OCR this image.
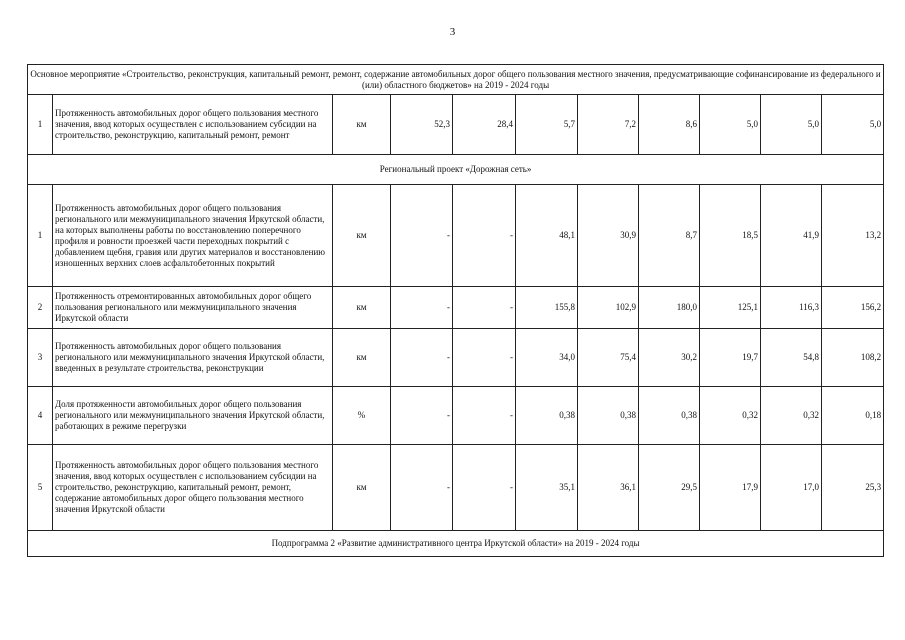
3
Основное мероприятие «Строительство, реконструкция, капитальный ремонт, ремонт, содержание автомобильных дорог общего пользования местного значения, предусматривающие софинансирование из федерального и (или) областного бюджетов» на 2019 - 2024 годы										
1	Протяженность автомобильных дорог общего пользования местного значения, ввод которых осуществлен с использованием субсидии на строительство, реконструкцию, капитальный ремонт, ремонт	км	52,3	28,4	5,7	7,2	8,6	5,0	5,0	5,0
Региональный проект «Дорожная сеть»										
1	Протяженность автомобильных дорог общего пользования регионального или межмуниципального значения Иркутской области, на которых выполнены работы по восстановлению поперечного профиля и ровности проезжей части переходных покрытий с добавлением щебня, гравия или других материалов и восстановлению изношенных верхних слоев асфальтобетонных покрытий	км	-	-	48,1	30,9	8,7	18,5	41,9	13,2
2	Протяженность отремонтированных автомобильных дорог общего пользования регионального или межмуниципального значения Иркутской области	км	-	-	155,8	102,9	180,0	125,1	116,3	156,2
3	Протяженность автомобильных дорог общего пользования регионального или межмуниципального значения Иркутской области, введенных в результате строительства, реконструкции	км	-	-	34,0	75,4	30,2	19,7	54,8	108,2
4	Доля протяженности автомобильных дорог общего пользования регионального или межмуниципального значения Иркутской области, работающих в режиме перегрузки	%	-	-	0,38	0,38	0,38	0,32	0,32	0,18
5	Протяженность автомобильных дорог общего пользования местного значения, ввод которых осуществлен с использованием субсидии на строительство, реконструкцию, капитальный ремонт, ремонт, содержание автомобильных дорог общего пользования местного значения Иркутской области	км	-	-	35,1	36,1	29,5	17,9	17,0	25,3
Подпрограмма 2 «Развитие административного центра Иркутской области» на 2019 - 2024 годы										
